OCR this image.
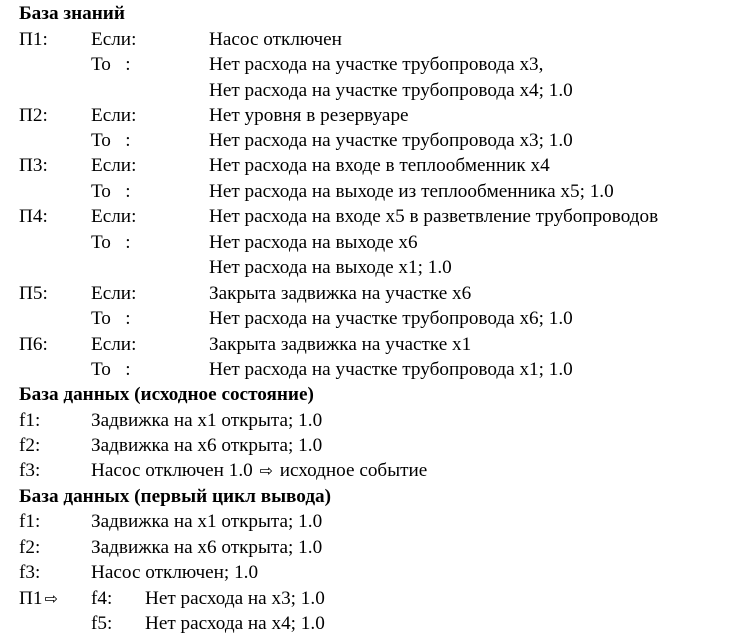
База знаний
П1: Если:	Насос отключен
То   :	Нет расхода на участке трубопровода x3,
Нет расхода на участке трубопровода x4; 1.0
П2: Если:	Нет уровня в резервуаре
То   :	Нет расхода на участке трубопровода x3; 1.0
П3: Если:	Нет расхода на входе в теплообменник x4
То   :	Нет расхода на выходе из теплообменника x5; 1.0
П4: Если:	Нет расхода на входе x5 в разветвление трубопроводов
То   :	Нет расхода на выходе x6
Нет расхода на выходе x1; 1.0
П5: Если:	Закрыта задвижка на участке x6
То   :	Нет расхода на участке трубопровода x6; 1.0
П6: Если:	Закрыта задвижка на участке x1
То   :	Нет расхода на участке трубопровода x1; 1.0
База данных (исходное состояние)
f1:	Задвижка на x1 открыта; 1.0
f2:	Задвижка на x6 открыта; 1.0
f3:	Насос отключен 1.0 ⇨ исходное событие
База данных (первый цикл вывода)
f1:	Задвижка на x1 открыта; 1.0
f2:	Задвижка на x6 открыта; 1.0
f3:	Насос отключен; 1.0
П1 ⇨ f4: Нет расхода на x3; 1.0
f5: Нет расхода на x4; 1.0
